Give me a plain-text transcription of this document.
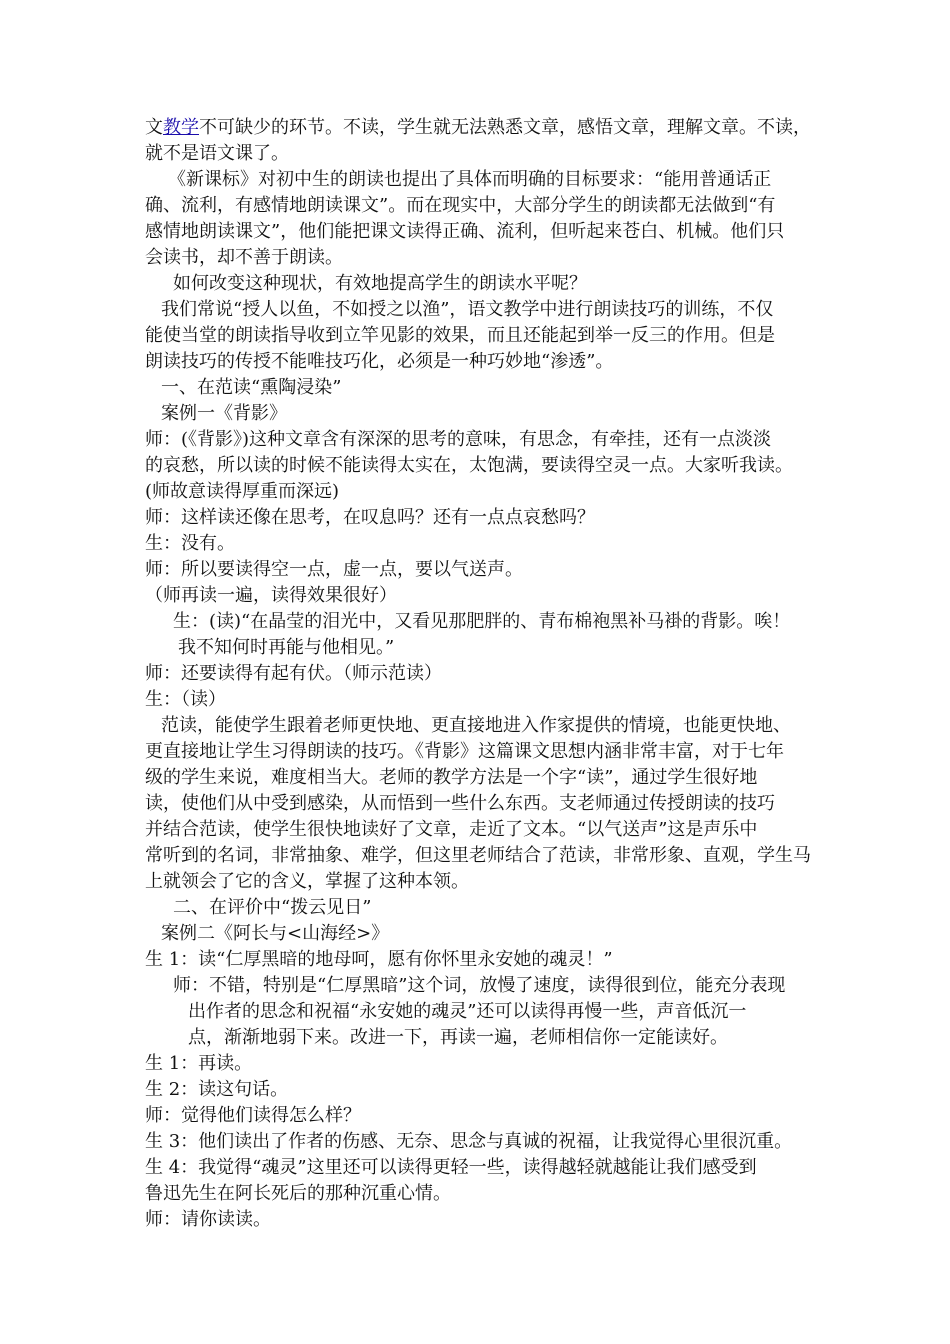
文教学不可缺少的环节。不读，学生就无法熟悉文章，感悟文章，理解文章。不读，
就不是语文课了。
《新课标》对初中生的朗读也提出了具体而明确的目标要求：“能用普通话正
确、流利，有感情地朗读课文”。而在现实中，大部分学生的朗读都无法做到“有
感情地朗读课文”，他们能把课文读得正确、流利，但听起来苍白、机械。他们只
会读书，却不善于朗读。
如何改变这种现状，有效地提高学生的朗读水平呢？
我们常说“授人以鱼，不如授之以渔”，语文教学中进行朗读技巧的训练，不仅
能使当堂的朗读指导收到立竿见影的效果，而且还能起到举一反三的作用。但是
朗读技巧的传授不能唯技巧化，必须是一种巧妙地“渗透”。
一、在范读“熏陶浸染”
案例一《背影》
师：(《背影》)这种文章含有深深的思考的意味，有思念，有牵挂，还有一点淡淡
的哀愁，所以读的时候不能读得太实在，太饱满，要读得空灵一点。大家听我读。
(师故意读得厚重而深远)
师：这样读还像在思考，在叹息吗？还有一点点哀愁吗？
生：没有。
师：所以要读得空一点，虚一点，要以气送声。
（师再读一遍，读得效果很好）
生：(读)“在晶莹的泪光中，又看见那肥胖的、青布棉袍黑补马褂的背影。唉！
我不知何时再能与他相见。”
师：还要读得有起有伏。（师示范读）
生：（读）
范读，能使学生跟着老师更快地、更直接地进入作家提供的情境，也能更快地、
更直接地让学生习得朗读的技巧。《背影》这篇课文思想内涵非常丰富，对于七年
级的学生来说，难度相当大。老师的教学方法是一个字“读”，通过学生很好地
读，使他们从中受到感染，从而悟到一些什么东西。支老师通过传授朗读的技巧
并结合范读，使学生很快地读好了文章，走近了文本。“以气送声”这是声乐中
常听到的名词，非常抽象、难学，但这里老师结合了范读，非常形象、直观，学生马
上就领会了它的含义，掌握了这种本领。
二、在评价中“拨云见日”
案例二《阿长与<山海经>》
生 1：读“仁厚黑暗的地母呵，愿有你怀里永安她的魂灵！”
师：不错，特别是“仁厚黑暗”这个词，放慢了速度，读得很到位，能充分表现
出作者的思念和祝福“永安她的魂灵”还可以读得再慢一些，声音低沉一
点，渐渐地弱下来。改进一下，再读一遍，老师相信你一定能读好。
生 1：再读。
生 2：读这句话。
师：觉得他们读得怎么样？
生 3：他们读出了作者的伤感、无奈、思念与真诚的祝福，让我觉得心里很沉重。
生 4：我觉得“魂灵”这里还可以读得更轻一些，读得越轻就越能让我们感受到
鲁迅先生在阿长死后的那种沉重心情。
师：请你读读。
